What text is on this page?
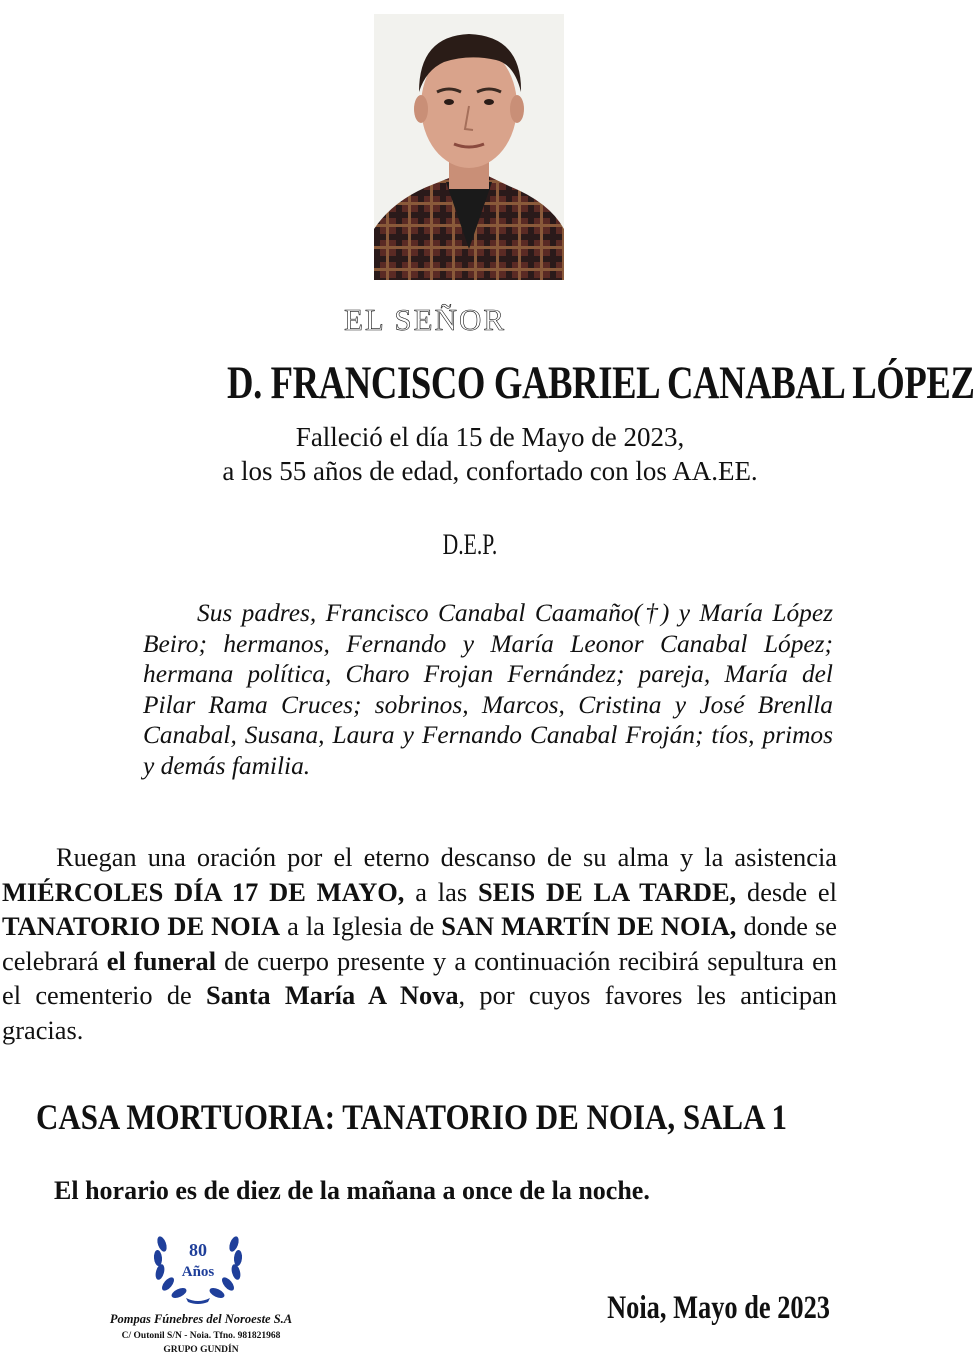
EL SEÑOR
D. FRANCISCO GABRIEL CANABAL LÓPEZ
Falleció el día 15 de Mayo de 2023,
a los 55 años de edad, confortado con los AA.EE.
D.E.P.
Sus padres, Francisco Canabal Caamaño(†) y María López Beiro; hermanos, Fernando y María Leonor Canabal López; hermana política, Charo Frojan Fernández; pareja, María del Pilar Rama Cruces; sobrinos, Marcos, Cristina y José Brenlla Canabal, Susana, Laura y Fernando Canabal Froján; tíos, primos y demás familia.
Ruegan una oración por el eterno descanso de su alma y la asistencia MIÉRCOLES DÍA 17 DE MAYO, a las SEIS DE LA TARDE, desde el TANATORIO DE NOIA a la Iglesia de SAN MARTÍN DE NOIA, donde se celebrará el funeral de cuerpo presente y a continuación recibirá sepultura en el cementerio de Santa María A Nova, por cuyos favores les anticipan gracias.
CASA MORTUORIA: TANATORIO DE NOIA, SALA 1
El horario es de diez de la mañana a once de la noche.
80
Años
Pompas Fúnebres del Noroeste S.A
C/ Outonil S/N - Noia. Tfno. 981821968
GRUPO GUNDÍN
Noia, Mayo de 2023
